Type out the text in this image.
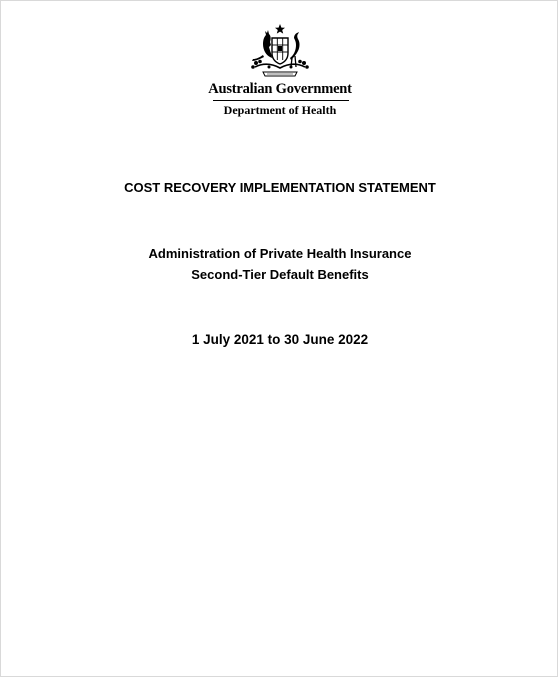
Australian Government
Department of Health
COST RECOVERY IMPLEMENTATION STATEMENT
Administration of Private Health Insurance
Second-Tier Default Benefits
1 July 2021 to 30 June 2022
